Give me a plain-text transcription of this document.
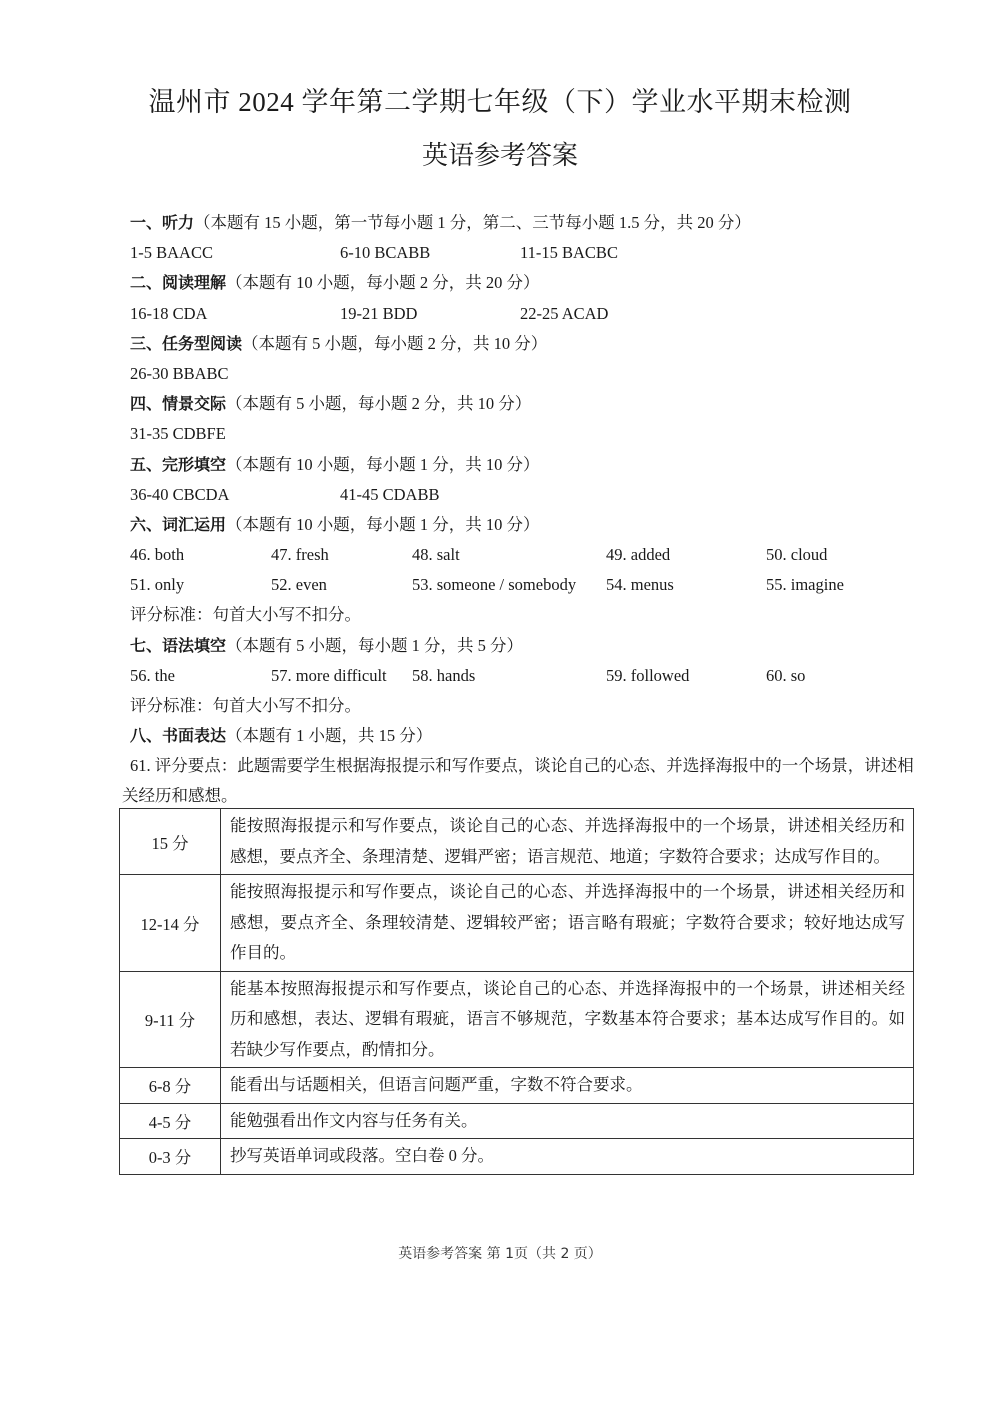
温州市 2024 学年第二学期七年级（下）学业水平期末检测
英语参考答案
一、听力（本题有 15 小题，第一节每小题 1 分，第二、三节每小题 1.5 分，共 20 分）
1-5 BAACC	6-10 BCABB	11-15 BACBC
二、阅读理解（本题有 10 小题，每小题 2 分，共 20 分）
16-18 CDA	19-21 BDD	22-25 ACAD
三、任务型阅读（本题有 5 小题，每小题 2 分，共 10 分）
26-30 BBABC
四、情景交际（本题有 5 小题，每小题 2 分，共 10 分）
31-35 CDBFE
五、完形填空（本题有 10 小题，每小题 1 分，共 10 分）
36-40 CBCDA	41-45 CDABB
六、词汇运用（本题有 10 小题，每小题 1 分，共 10 分）
46. both	47. fresh	48. salt	49. added	50. cloud
51. only	52. even	53. someone / somebody 54. menus	55. imagine
评分标准：句首大小写不扣分。
七、语法填空（本题有 5 小题，每小题 1 分，共 5 分）
56. the	57. more difficult 58. hands	59. followed	60. so
评分标准：句首大小写不扣分。
八、书面表达（本题有 1 小题，共 15 分）
61. 评分要点：此题需要学生根据海报提示和写作要点，谈论自己的心态、并选择海报中的一个场景，讲述相关经历和感想。
15 分	能按照海报提示和写作要点，谈论自己的心态、并选择海报中的一个场景，讲述相关经历和感想，要点齐全、条理清楚、逻辑严密；语言规范、地道；字数符合要求；达成写作目的。
12-14 分	能按照海报提示和写作要点，谈论自己的心态、并选择海报中的一个场景，讲述相关经历和感想，要点齐全、条理较清楚、逻辑较严密；语言略有瑕疵；字数符合要求；较好地达成写作目的。
9-11 分	能基本按照海报提示和写作要点，谈论自己的心态、并选择海报中的一个场景，讲述相关经历和感想，表达、逻辑有瑕疵，语言不够规范，字数基本符合要求；基本达成写作目的。如若缺少写作要点，酌情扣分。
6-8 分	能看出与话题相关，但语言问题严重，字数不符合要求。
4-5 分	能勉强看出作文内容与任务有关。
0-3 分	抄写英语单词或段落。空白卷 0 分。
英语参考答案 第 1页（共 2 页）
